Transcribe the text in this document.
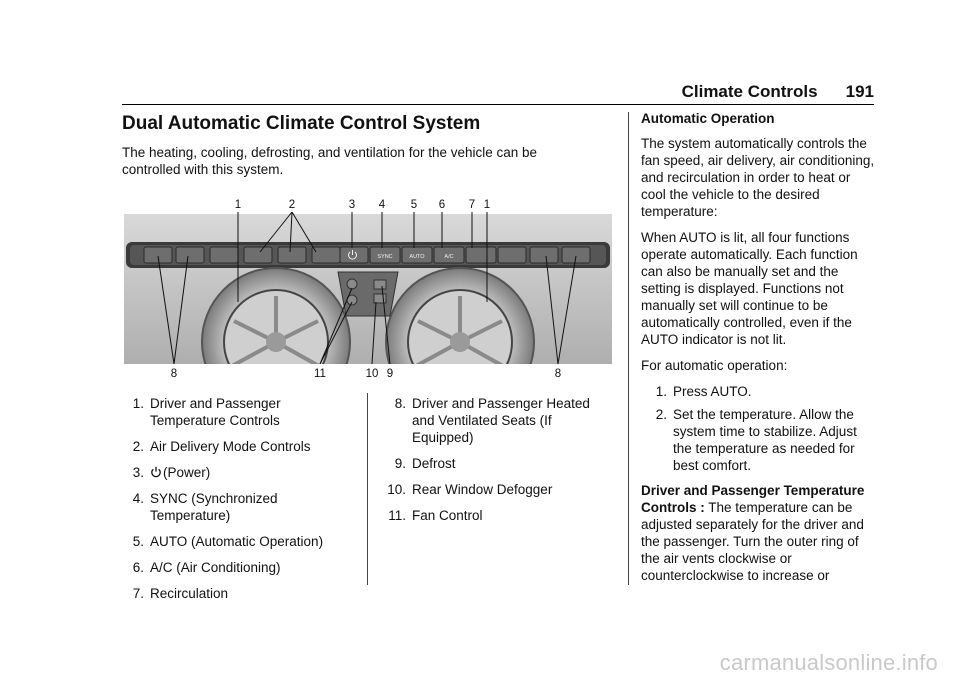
Climate Controls 191
Dual Automatic Climate Control System
The heating, cooling, defrosting, and ventilation for the vehicle can be controlled with this system.
SYNC	AUTO	A/C
1	2	3 4 5 6 7 1
8	11	10 9	8
1. Driver and Passenger Temperature Controls
2. Air Delivery Mode Controls
3.	(Power)
4. SYNC (Synchronized Temperature)
5. AUTO (Automatic Operation)
6. A/C (Air Conditioning)
7. Recirculation
8. Driver and Passenger Heated and Ventilated Seats (If Equipped)
9. Defrost
10. Rear Window Defogger
11. Fan Control
Automatic Operation

The system automatically controls the fan speed, air delivery, air conditioning, and recirculation in order to heat or cool the vehicle to the desired temperature:

When AUTO is lit, all four functions operate automatically. Each function can also be manually set and the setting is displayed. Functions not manually set will continue to be automatically controlled, even if the AUTO indicator is not lit.

For automatic operation:

1. Press AUTO.
2. Set the temperature. Allow the system time to stabilize. Adjust the temperature as needed for best comfort.

Driver and Passenger Temperature Controls : The temperature can be adjusted separately for the driver and the passenger. Turn the outer ring of the air vents clockwise or counterclockwise to increase or

carmanualsonline.info
